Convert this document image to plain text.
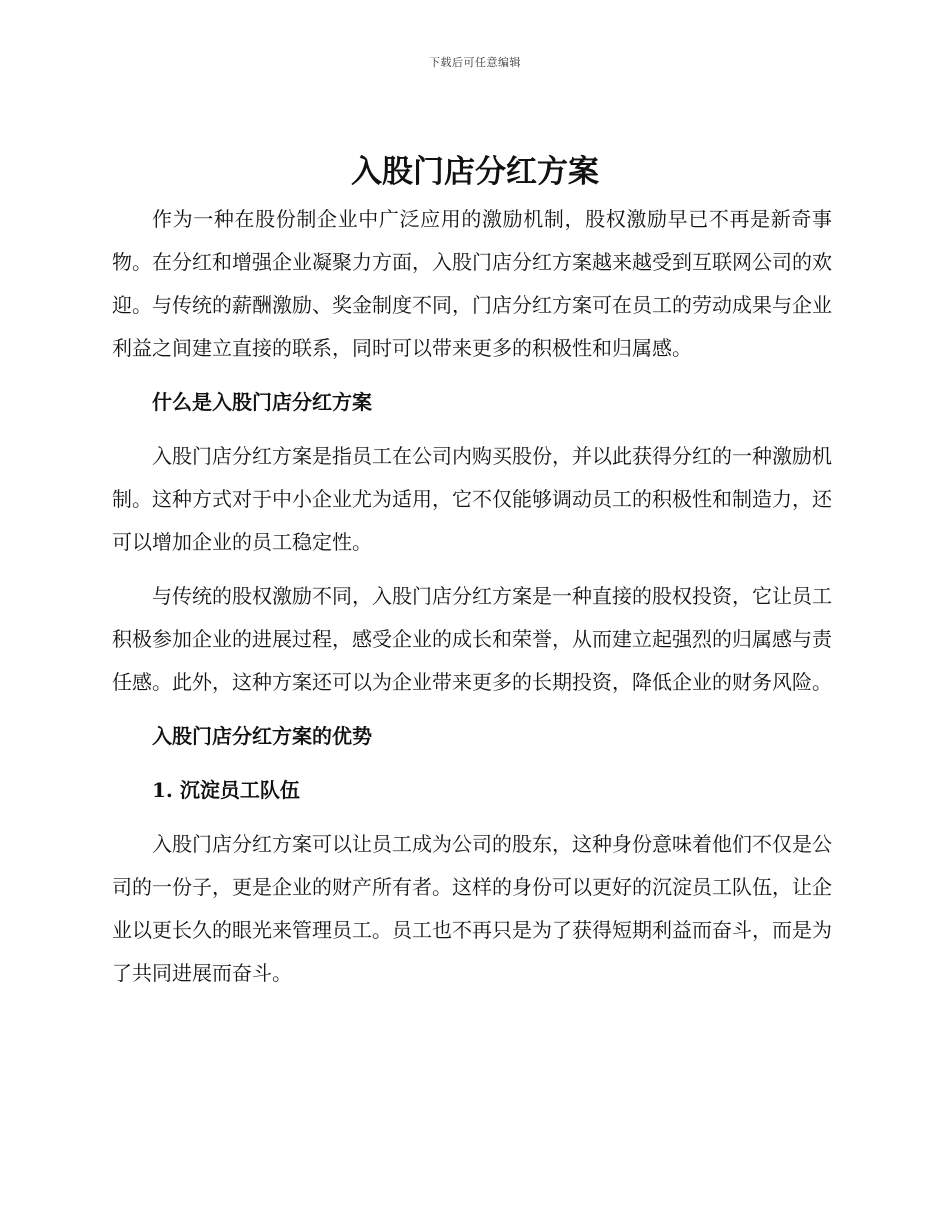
下载后可任意编辑
入股门店分红方案

作为一种在股份制企业中广泛应用的激励机制，股权激励早已不再是新奇事物。在分红和增强企业凝聚力方面，入股门店分红方案越来越受到互联网公司的欢迎。与传统的薪酬激励、奖金制度不同，门店分红方案可在员工的劳动成果与企业利益之间建立直接的联系，同时可以带来更多的积极性和归属感。

什么是入股门店分红方案

入股门店分红方案是指员工在公司内购买股份，并以此获得分红的一种激励机制。这种方式对于中小企业尤为适用，它不仅能够调动员工的积极性和制造力，还可以增加企业的员工稳定性。

与传统的股权激励不同，入股门店分红方案是一种直接的股权投资，它让员工积极参加企业的进展过程，感受企业的成长和荣誉，从而建立起强烈的归属感与责任感。此外，这种方案还可以为企业带来更多的长期投资，降低企业的财务风险。

入股门店分红方案的优势

1. 沉淀员工队伍

入股门店分红方案可以让员工成为公司的股东，这种身份意味着他们不仅是公司的一份子，更是企业的财产所有者。这样的身份可以更好的沉淀员工队伍，让企业以更长久的眼光来管理员工。员工也不再只是为了获得短期利益而奋斗，而是为了共同进展而奋斗。
